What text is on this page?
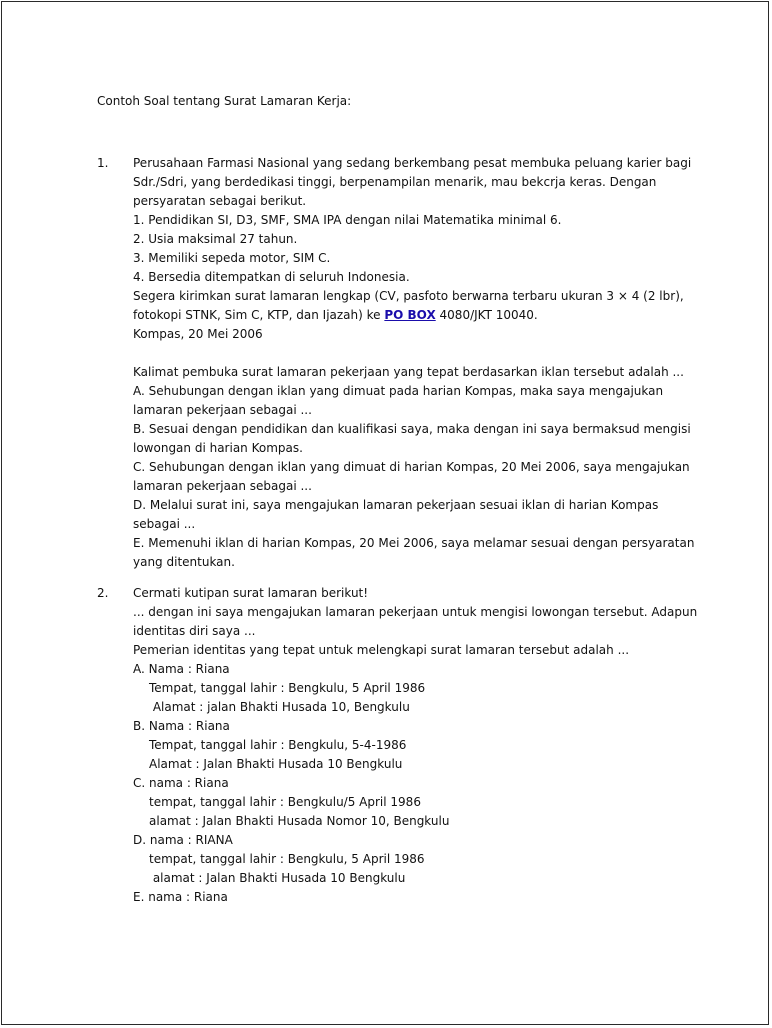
Contoh Soal tentang Surat Lamaran Kerja:
1. Perusahaan Farmasi Nasional yang sedang berkembang pesat membuka peluang karier bagi
Sdr./Sdri, yang berdedikasi tinggi, berpenampilan menarik, mau bekcrja keras. Dengan
persyaratan sebagai berikut.
1. Pendidikan SI, D3, SMF, SMA IPA dengan nilai Matematika minimal 6.
2. Usia maksimal 27 tahun.
3. Memiliki sepeda motor, SIM C.
4. Bersedia ditempatkan di seluruh Indonesia.
Segera kirimkan surat lamaran lengkap (CV, pasfoto berwarna terbaru ukuran 3 × 4 (2 lbr),
fotokopi STNK, Sim C, KTP, dan Ijazah) ke PO BOX 4080/JKT 10040.
Kompas, 20 Mei 2006
Kalimat pembuka surat lamaran pekerjaan yang tepat berdasarkan iklan tersebut adalah ...
A. Sehubungan dengan iklan yang dimuat pada harian Kompas, maka saya mengajukan
lamaran pekerjaan sebagai ...
B. Sesuai dengan pendidikan dan kualifikasi saya, maka dengan ini saya bermaksud mengisi
lowongan di harian Kompas.
C. Sehubungan dengan iklan yang dimuat di harian Kompas, 20 Mei 2006, saya mengajukan
lamaran pekerjaan sebagai ...
D. Melalui surat ini, saya mengajukan lamaran pekerjaan sesuai iklan di harian Kompas
sebagai ...
E. Memenuhi iklan di harian Kompas, 20 Mei 2006, saya melamar sesuai dengan persyaratan
yang ditentukan.
2. Cermati kutipan surat lamaran berikut!
... dengan ini saya mengajukan lamaran pekerjaan untuk mengisi lowongan tersebut. Adapun
identitas diri saya ...
Pemerian identitas yang tepat untuk melengkapi surat lamaran tersebut adalah ...
A. Nama : Riana
Tempat, tanggal lahir : Bengkulu, 5 April 1986
Alamat : jalan Bhakti Husada 10, Bengkulu
B. Nama : Riana
Tempat, tanggal lahir : Bengkulu, 5-4-1986
Alamat : Jalan Bhakti Husada 10 Bengkulu
C. nama : Riana
tempat, tanggal lahir : Bengkulu/5 April 1986
alamat : Jalan Bhakti Husada Nomor 10, Bengkulu
D. nama : RIANA
tempat, tanggal lahir : Bengkulu, 5 April 1986
alamat : Jalan Bhakti Husada 10 Bengkulu
E. nama : Riana
